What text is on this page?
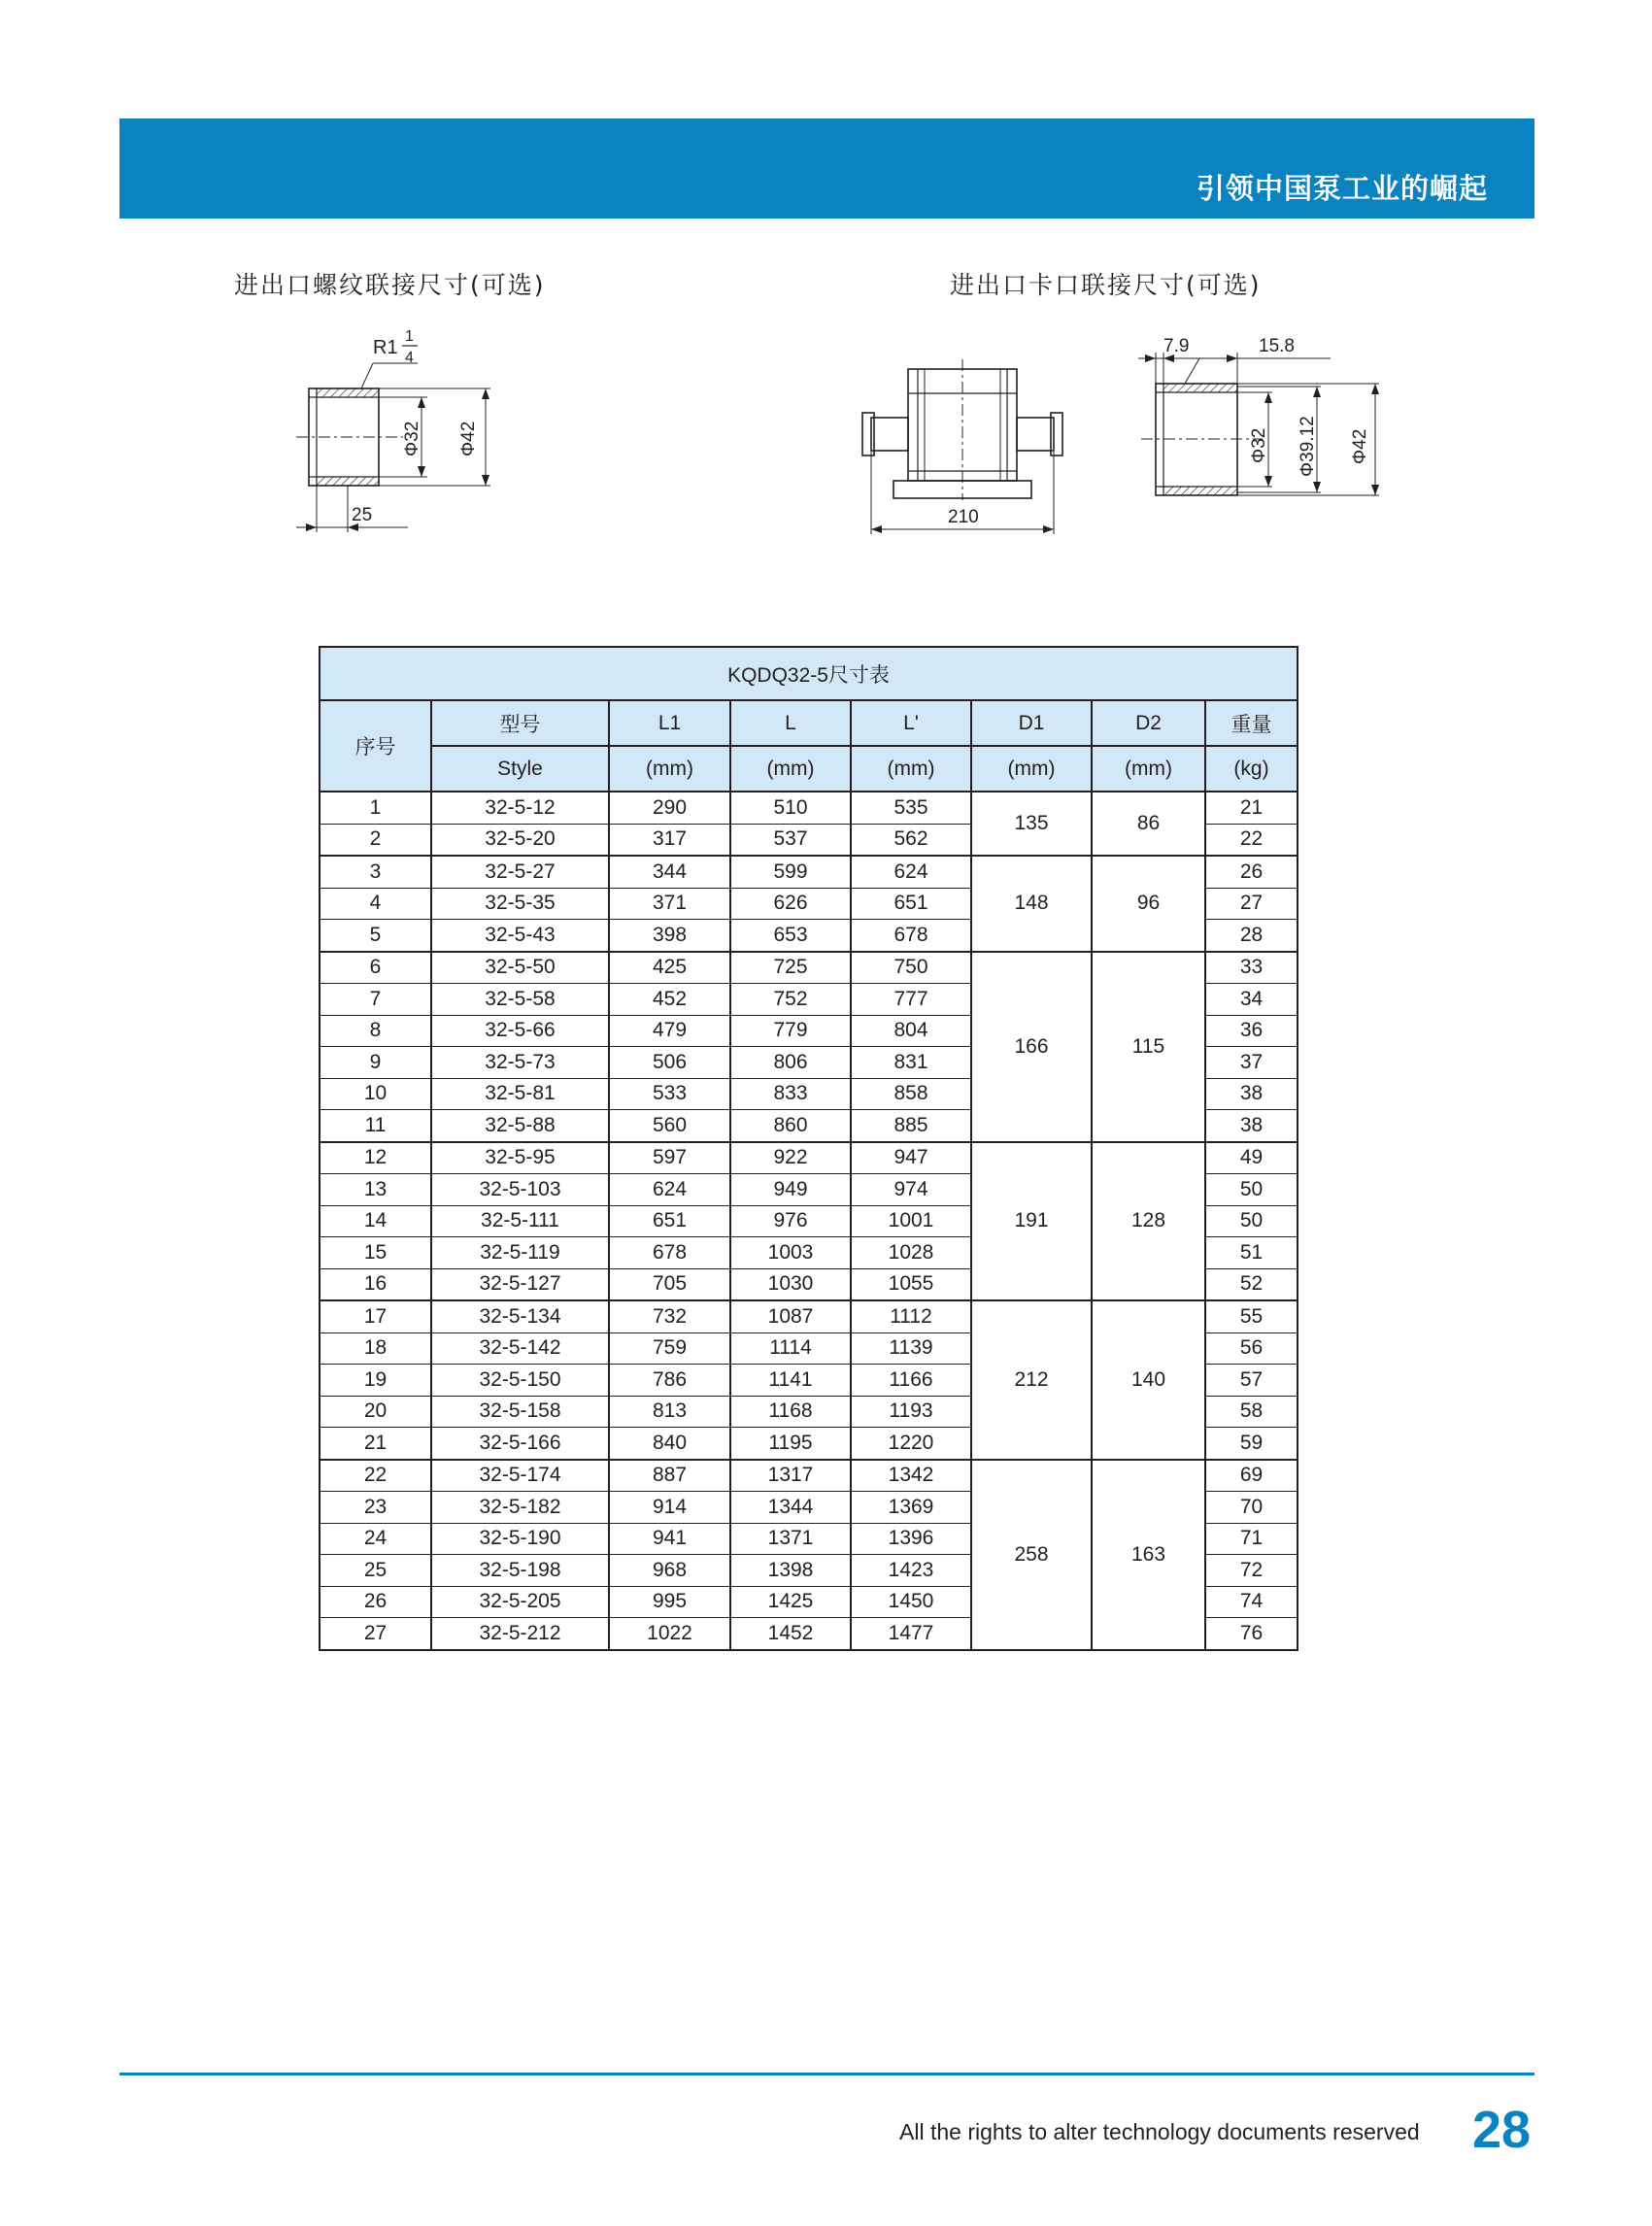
引领中国泵工业的崛起
进出口螺纹联接尺寸(可选)	进出口卡口联接尺寸(可选)
R1
1
4
Φ32 Φ42
25	210
7.9	15.8
Φ32 Φ39.12 Φ42
KQDQ32-5尺寸表							
序号	型号	L1	L	L'	D1	D2	重量
	Style	(mm)	(mm)	(mm)	(mm)	(mm)	(kg)
1	32-5-12	290	510	535	135	86	21
2	32-5-20	317	537	562			22
3	32-5-27	344	599	624	148	96	26
4	32-5-35	371	626	651			27
5	32-5-43	398	653	678			28
6	32-5-50	425	725	750	166	115	33
7	32-5-58	452	752	777			34
8	32-5-66	479	779	804			36
9	32-5-73	506	806	831			37
10	32-5-81	533	833	858			38
11	32-5-88	560	860	885			38
12	32-5-95	597	922	947	191	128	49
13	32-5-103	624	949	974			50
14	32-5-111	651	976	1001			50
15	32-5-119	678	1003	1028			51
16	32-5-127	705	1030	1055			52
17	32-5-134	732	1087	1112	212	140	55
18	32-5-142	759	1114	1139			56
19	32-5-150	786	1141	1166			57
20	32-5-158	813	1168	1193			58
21	32-5-166	840	1195	1220			59
22	32-5-174	887	1317	1342	258	163	69
23	32-5-182	914	1344	1369			70
24	32-5-190	941	1371	1396			71
25	32-5-198	968	1398	1423			72
26	32-5-205	995	1425	1450			74
27	32-5-212	1022	1452	1477			76
All the rights to alter technology documents reserved 28
